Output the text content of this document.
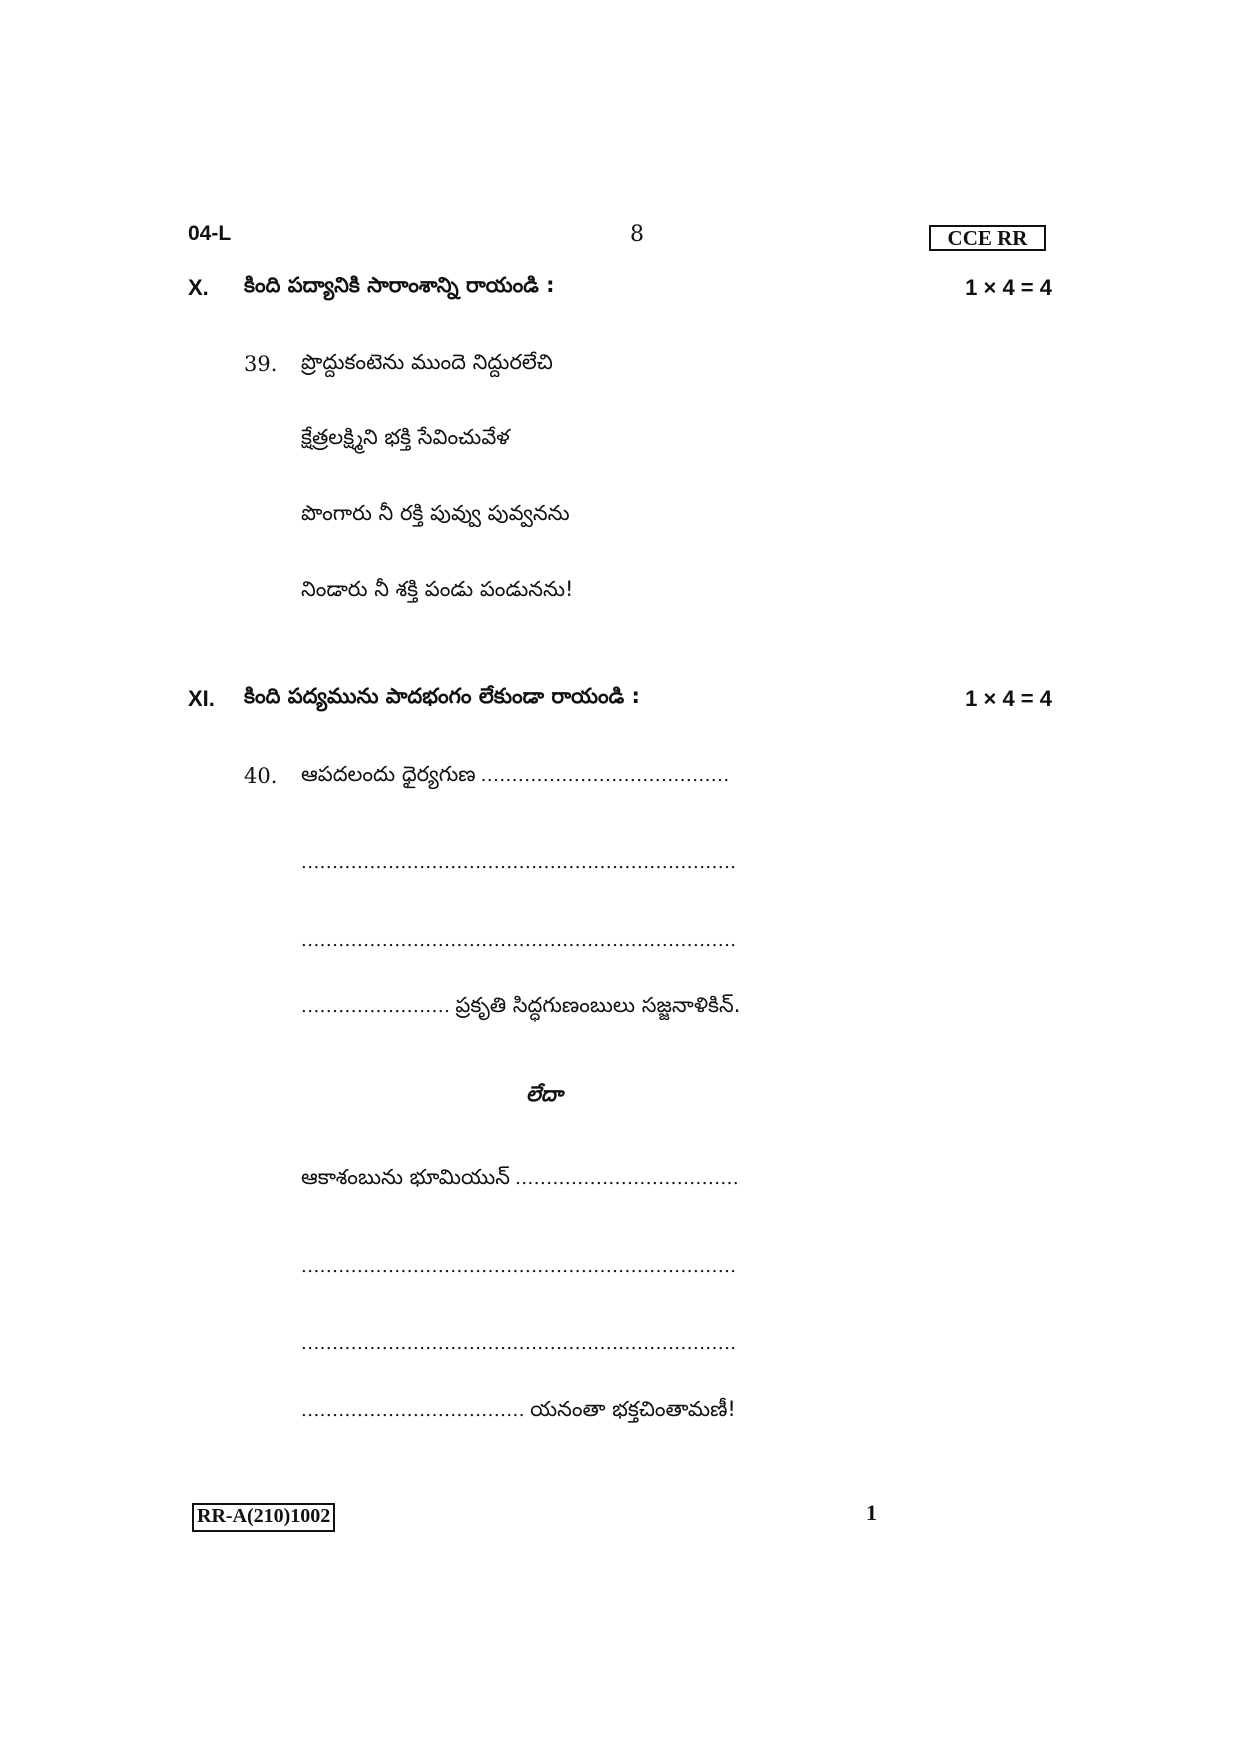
04-L	8	CCE RR
X. కింది పద్యానికి సారాంశాన్ని రాయండి :	1 × 4 = 4
39. ప్రొద్దుకంటెను ముందె నిద్దురలేచి
క్షేత్రలక్ష్మిని భక్తి సేవించువేళ
పొంగారు నీ రక్తి పువ్వు పువ్వనను
నిండారు నీ శక్తి పండు పండునను!
XI. కింది పద్యమును పాదభంగం లేకుండా రాయండి :	1 × 4 = 4
40. ఆపదలందు ధైర్యగుణ ........................................
......................................................................
......................................................................
........................ ప్రకృతి సిద్ధగుణంబులు సజ్జనాళికిన్.
లేదా
ఆకాశంబును భూమియున్ ....................................
......................................................................
......................................................................
.................................... యనంతా భక్తచింతామణీ!
RR-A(210)1002	1
